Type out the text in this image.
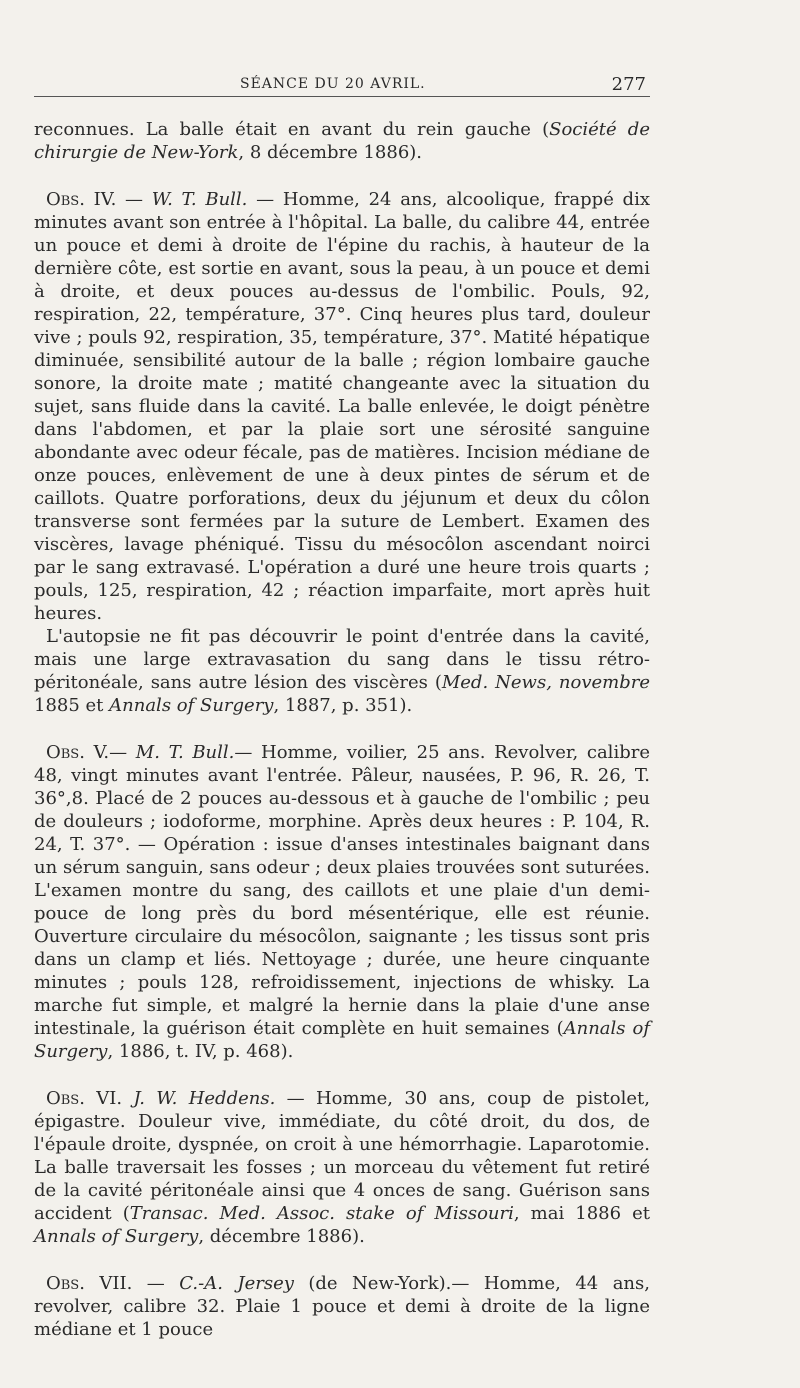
SÉANCE DU 20 AVRIL.	277

reconnues. La balle était en avant du rein gauche (Société de chirurgie de New-York, 8 décembre 1886).

Obs. IV. — W. T. Bull. — Homme, 24 ans, alcoolique, frappé dix minutes avant son entrée à l'hôpital. La balle, du calibre 44, entrée un pouce et demi à droite de l'épine du rachis, à hauteur de la dernière côte, est sortie en avant, sous la peau, à un pouce et demi à droite, et deux pouces au-dessus de l'ombilic. Pouls, 92, respiration, 22, température, 37°. Cinq heures plus tard, douleur vive ; pouls 92, respiration, 35, température, 37°. Matité hépatique diminuée, sensibilité autour de la balle ; région lombaire gauche sonore, la droite mate ; matité changeante avec la situation du sujet, sans fluide dans la cavité. La balle enlevée, le doigt pénètre dans l'abdomen, et par la plaie sort une sérosité sanguine abondante avec odeur fécale, pas de matières. Incision médiane de onze pouces, enlèvement de une à deux pintes de sérum et de caillots. Quatre porforations, deux du jéjunum et deux du côlon transverse sont fermées par la suture de Lembert. Examen des viscères, lavage phéniqué. Tissu du mésocôlon ascendant noirci par le sang extravasé. L'opération a duré une heure trois quarts ; pouls, 125, respiration, 42 ; réaction imparfaite, mort après huit heures.

L'autopsie ne fit pas découvrir le point d'entrée dans la cavité, mais une large extravasation du sang dans le tissu rétro-péritonéale, sans autre lésion des viscères (Med. News, novembre 1885 et Annals of Surgery, 1887, p. 351).

Obs. V.— M. T. Bull.— Homme, voilier, 25 ans. Revolver, calibre 48, vingt minutes avant l'entrée. Pâleur, nausées, P. 96, R. 26, T. 36°,8. Placé de 2 pouces au-dessous et à gauche de l'ombilic ; peu de douleurs ; iodoforme, morphine. Après deux heures : P. 104, R. 24, T. 37°. — Opération : issue d'anses intestinales baignant dans un sérum sanguin, sans odeur ; deux plaies trouvées sont suturées. L'examen montre du sang, des caillots et une plaie d'un demi-pouce de long près du bord mésentérique, elle est réunie. Ouverture circulaire du mésocôlon, saignante ; les tissus sont pris dans un clamp et liés. Nettoyage ; durée, une heure cinquante minutes ; pouls 128, refroidissement, injections de whisky. La marche fut simple, et malgré la hernie dans la plaie d'une anse intestinale, la guérison était complète en huit semaines (Annals of Surgery, 1886, t. IV, p. 468).

Obs. VI. J. W. Heddens. — Homme, 30 ans, coup de pistolet, épigastre. Douleur vive, immédiate, du côté droit, du dos, de l'épaule droite, dyspnée, on croit à une hémorrhagie. Laparotomie. La balle traversait les fosses ; un morceau du vêtement fut retiré de la cavité péritonéale ainsi que 4 onces de sang. Guérison sans accident (Transac. Med. Assoc. stake of Missouri, mai 1886 et Annals of Surgery, décembre 1886).

Obs. VII. — C.-A. Jersey (de New-York).— Homme, 44 ans, revolver, calibre 32. Plaie 1 pouce et demi à droite de la ligne médiane et 1 pouce
